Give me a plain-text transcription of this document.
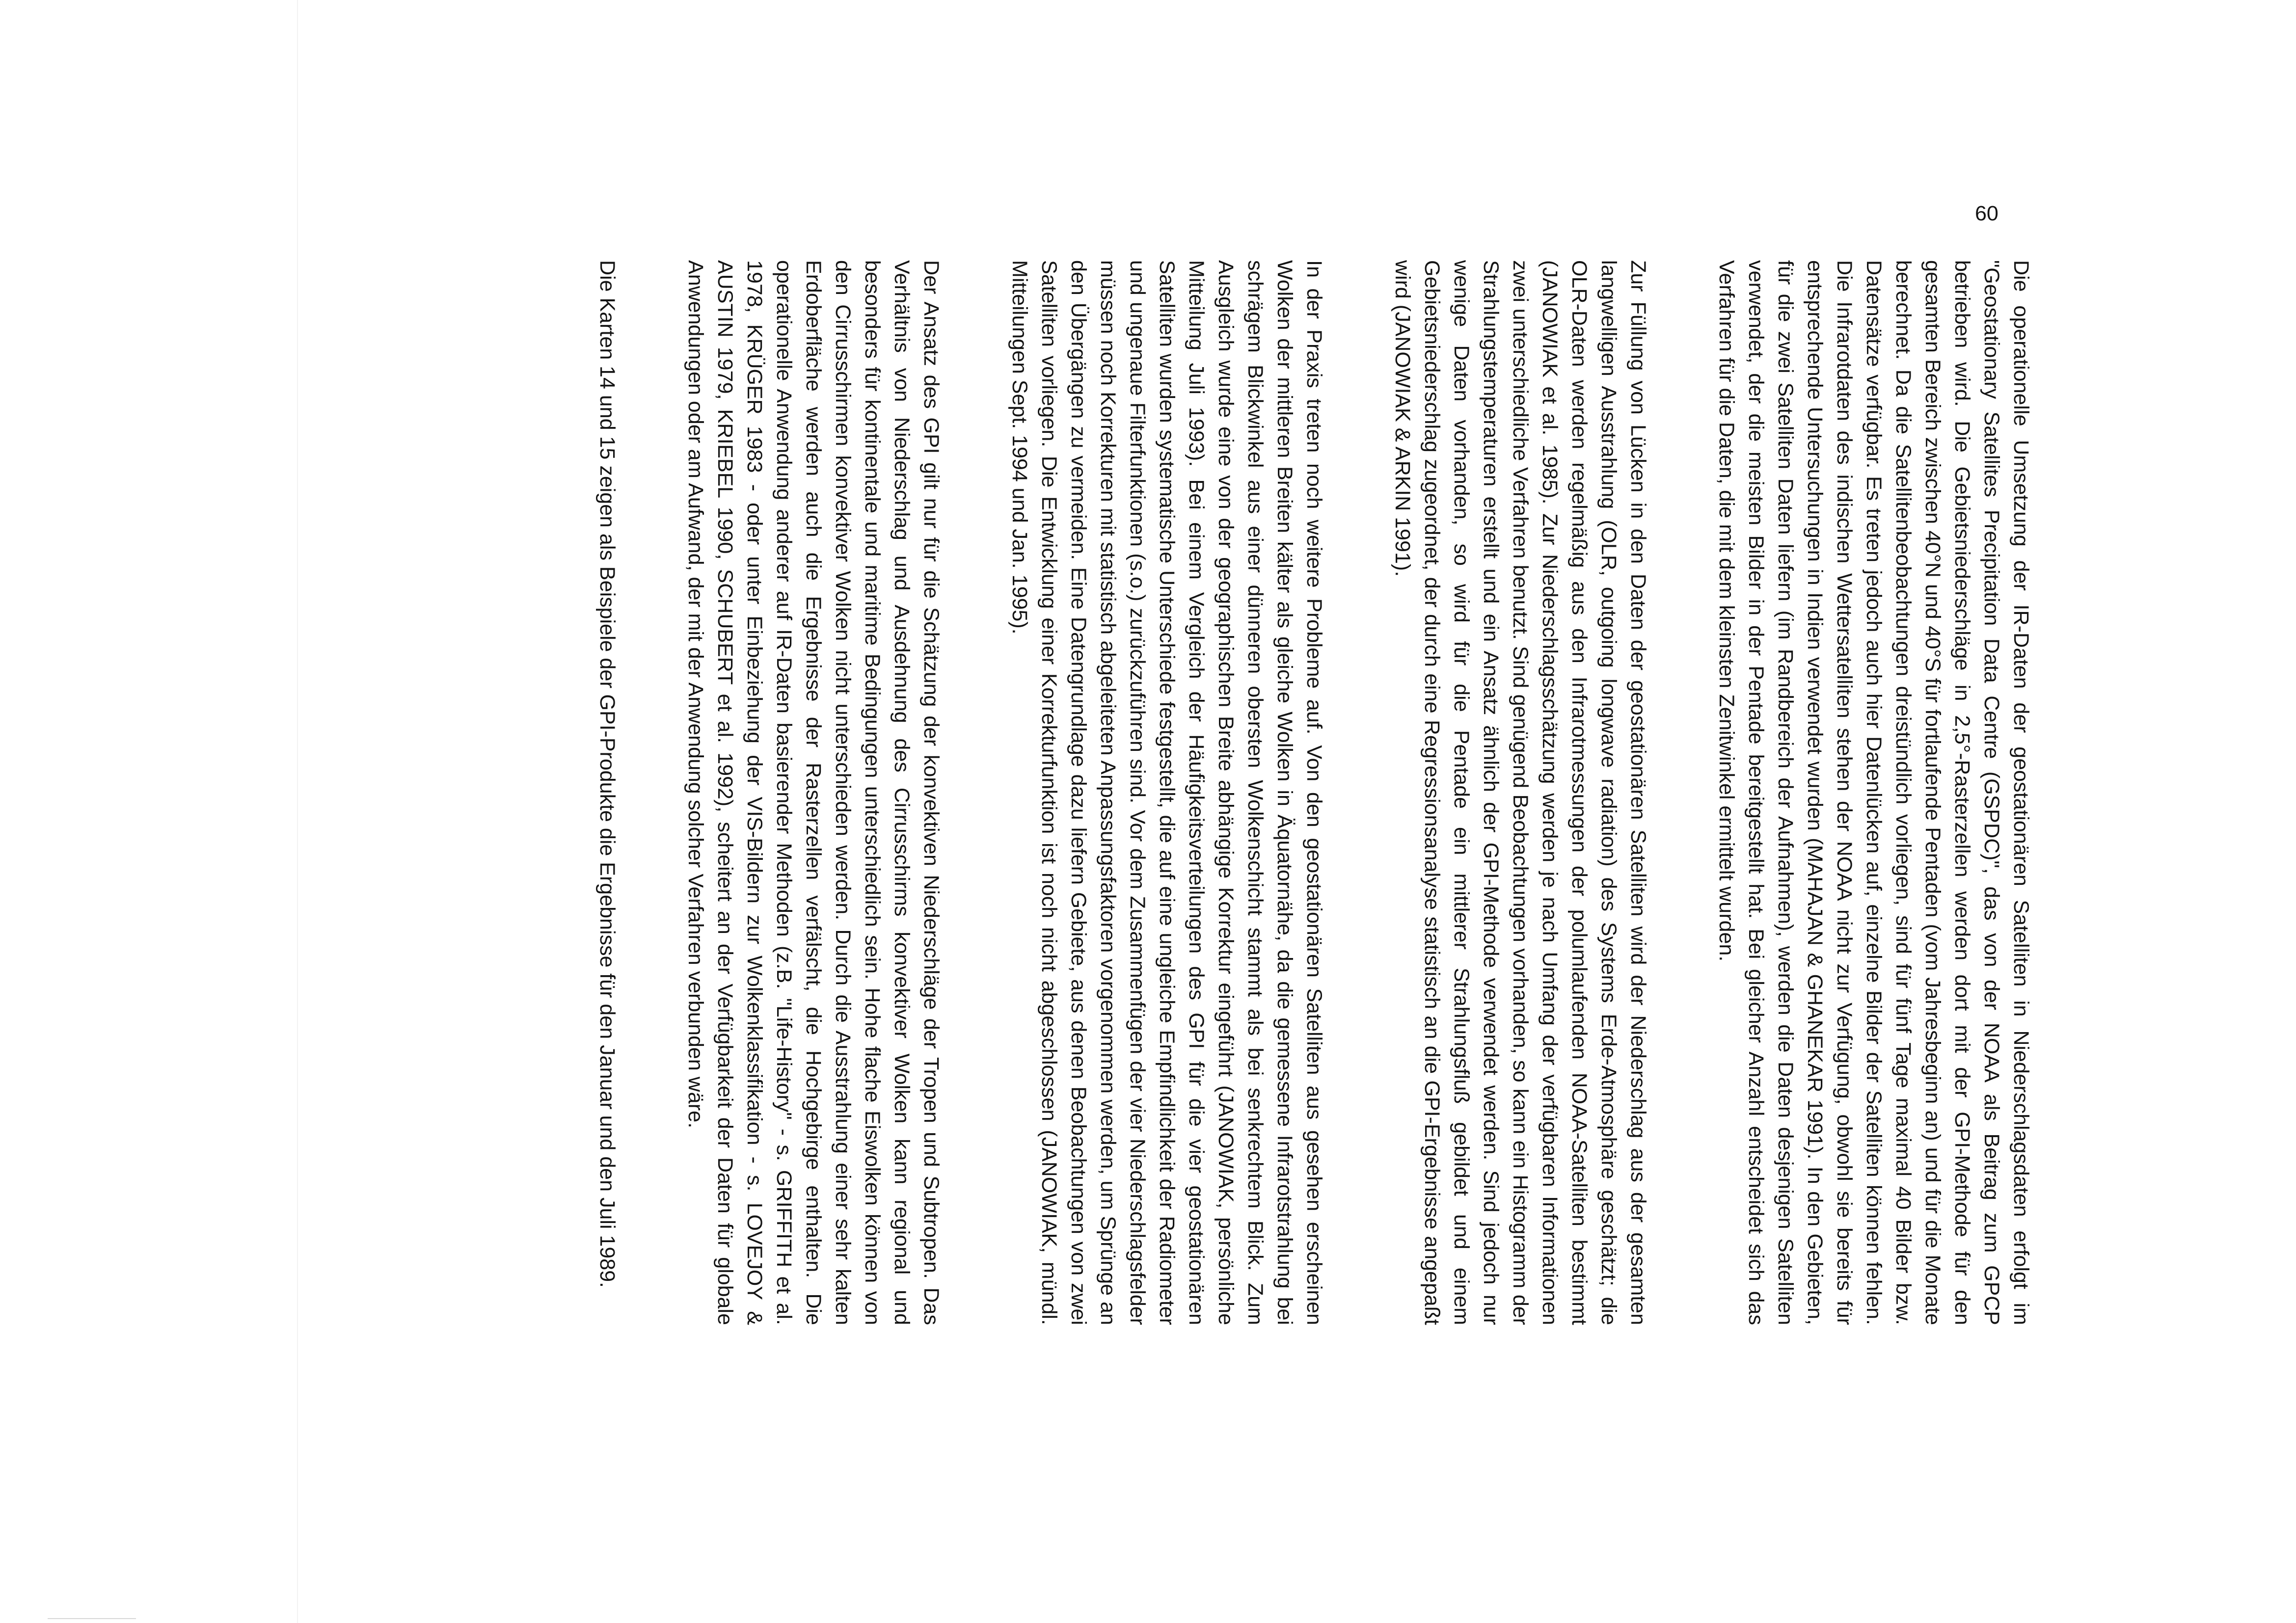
Die operationelle Umsetzung der IR-Daten der geostationären Satelliten in Niederschlagsdaten erfolgt im "Geostationary Satellites Precipitation Data Centre (GSPDC)", das von der NOAA als Beitrag zum GPCP betrieben wird. Die Gebietsniederschläge in 2,5°-Rasterzellen werden dort mit der GPI-Methode für den gesamten Bereich zwischen 40°N und 40°S für fortlaufende Pentaden (vom Jahresbeginn an) und für die Monate berechnet. Da die Satellitenbeobachtungen dreistündlich vorliegen, sind für fünf Tage maximal 40 Bilder bzw. Datensätze verfügbar. Es treten jedoch auch hier Datenlücken auf, einzelne Bilder der Satelliten können fehlen. Die Infrarotdaten des indischen Wettersatelliten stehen der NOAA nicht zur Verfügung, obwohl sie bereits für entsprechende Untersuchungen in Indien verwendet wurden (MAHAJAN & GHANEKAR 1991). In den Gebieten, für die zwei Satelliten Daten liefern (im Randbereich der Aufnahmen), werden die Daten desjenigen Satelliten verwendet, der die meisten Bilder in der Pentade bereitgestellt hat. Bei gleicher Anzahl entscheidet sich das Verfahren für die Daten, die mit dem kleinsten Zenitwinkel ermittelt wurden.

Zur Füllung von Lücken in den Daten der geostationären Satelliten wird der Niederschlag aus der gesamten langwelligen Ausstrahlung (OLR, outgoing longwave radiation) des Systems Erde-Atmosphäre geschätzt; die OLR-Daten werden regelmäßig aus den Infrarotmessungen der polumlaufenden NOAA-Satelliten bestimmt (JANOWIAK et al. 1985). Zur Niederschlagsschätzung werden je nach Umfang der verfügbaren Informationen zwei unterschiedliche Verfahren benutzt. Sind genügend Beobachtungen vorhanden, so kann ein Histogramm der Strahlungstemperaturen erstellt und ein Ansatz ähnlich der GPI-Methode verwendet werden. Sind jedoch nur wenige Daten vorhanden, so wird für die Pentade ein mittlerer Strahlungsfluß gebildet und einem Gebietsniederschlag zugeordnet, der durch eine Regressionsanalyse statistisch an die GPI-Ergebnisse angepaßt wird (JANOWIAK & ARKIN 1991).

In der Praxis treten noch weitere Probleme auf. Von den geostationären Satelliten aus gesehen erscheinen Wolken der mittleren Breiten kälter als gleiche Wolken in Äquatornähe, da die gemessene Infrarotstrahlung bei schrägem Blickwinkel aus einer dünneren obersten Wolkenschicht stammt als bei senkrechtem Blick. Zum Ausgleich wurde eine von der geographischen Breite abhängige Korrektur eingeführt (JANOWIAK, persönliche Mitteilung Juli 1993). Bei einem Vergleich der Häufigkeitsverteilungen des GPI für die vier geostationären Satelliten wurden systematische Unterschiede festgestellt, die auf eine ungleiche Empfindlichkeit der Radiometer und ungenaue Filterfunktionen (s.o.) zurückzuführen sind. Vor dem Zusammenfügen der vier Niederschlagsfelder müssen noch Korrekturen mit statistisch abgeleiteten Anpassungsfaktoren vorgenommen werden, um Sprünge an den Übergängen zu vermeiden. Eine Datengrundlage dazu liefern Gebiete, aus denen Beobachtungen von zwei Satelliten vorliegen. Die Entwicklung einer Korrekturfunktion ist noch nicht abgeschlossen (JANOWIAK, mündl. Mitteilungen Sept. 1994 und Jan. 1995).

Der Ansatz des GPI gilt nur für die Schätzung der konvektiven Niederschläge der Tropen und Subtropen. Das Verhältnis von Niederschlag und Ausdehnung des Cirrusschirms konvektiver Wolken kann regional und besonders für kontinentale und maritime Bedingungen unterschiedlich sein. Hohe flache Eiswolken können von den Cirrusschirmen konvektiver Wolken nicht unterschieden werden. Durch die Ausstrahlung einer sehr kalten Erdoberfläche werden auch die Ergebnisse der Rasterzellen verfälscht, die Hochgebirge enthalten. Die operationelle Anwendung anderer auf IR-Daten basierender Methoden (z.B. "Life-History" - s. GRIFFITH et al. 1978, KRÜGER 1983 - oder unter Einbeziehung der VIS-Bildern zur Wolkenklassifikation - s. LOVEJOY & AUSTIN 1979, KRIEBEL 1990, SCHUBERT et al. 1992), scheitert an der Verfügbarkeit der Daten für globale Anwendungen oder am Aufwand, der mit der Anwendung solcher Verfahren verbunden wäre.

Die Karten 14 und 15 zeigen als Beispiele der GPI-Produkte die Ergebnisse für den Januar und den Juli 1989.

60
